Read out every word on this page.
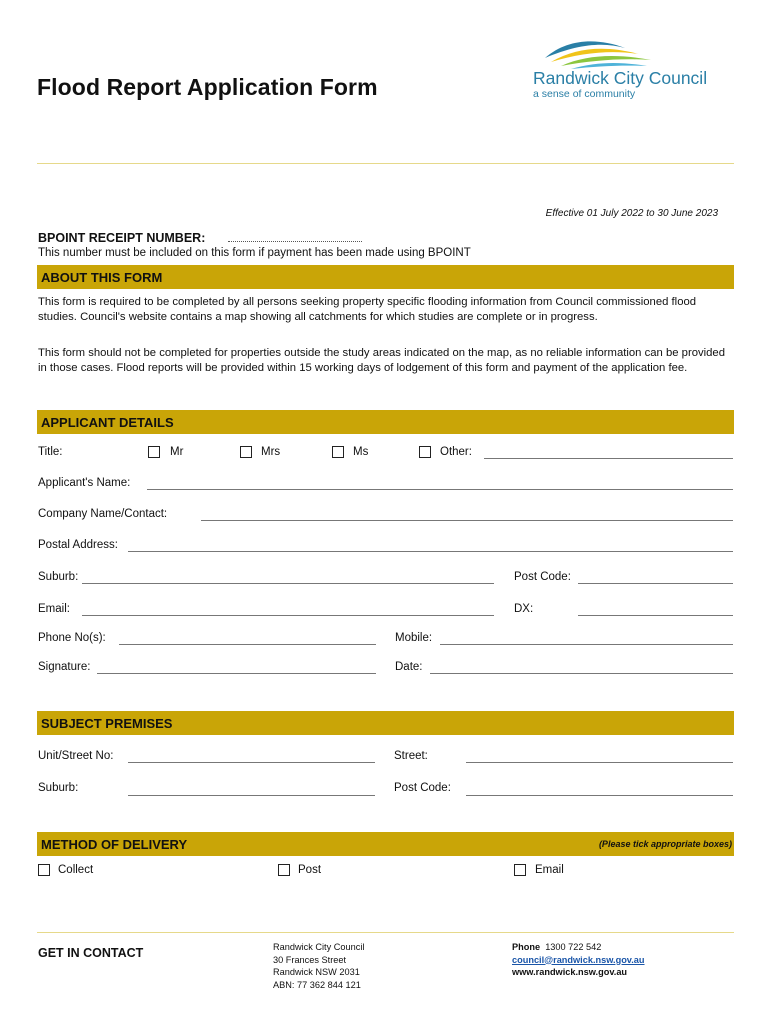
Flood Report Application Form	Randwick City Council
a sense of community
Effective 01 July 2022 to 30 June 2023
BPOINT RECEIPT NUMBER:
This number must be included on this form if payment has been made using BPOINT
ABOUT THIS FORM
This form is required to be completed by all persons seeking property specific flooding information from Council commissioned flood studies. Council's website contains a map showing all catchments for which studies are complete or in progress.
This form should not be completed for properties outside the study areas indicated on the map, as no reliable information can be provided in those cases. Flood reports will be provided within 15 working days of lodgement of this form and payment of the application fee.
APPLICANT DETAILS
Title:	Mr	Mrs	Ms	Other:
Applicant's Name:
Company Name/Contact:
Postal Address:
Suburb:	Post Code:
Email:	DX:
Phone No(s):	Mobile:
Signature:	Date:
SUBJECT PREMISES
Unit/Street No:	Street:
Suburb:	Post Code:
METHOD OF DELIVERY	(Please tick appropriate boxes)
Collect	Post	Email
GET IN CONTACT	Randwick City Council
30 Frances Street
Randwick NSW 2031
ABN: 77 362 844 121
Phone 1300 722 542
council@randwick.nsw.gov.au
www.randwick.nsw.gov.au
